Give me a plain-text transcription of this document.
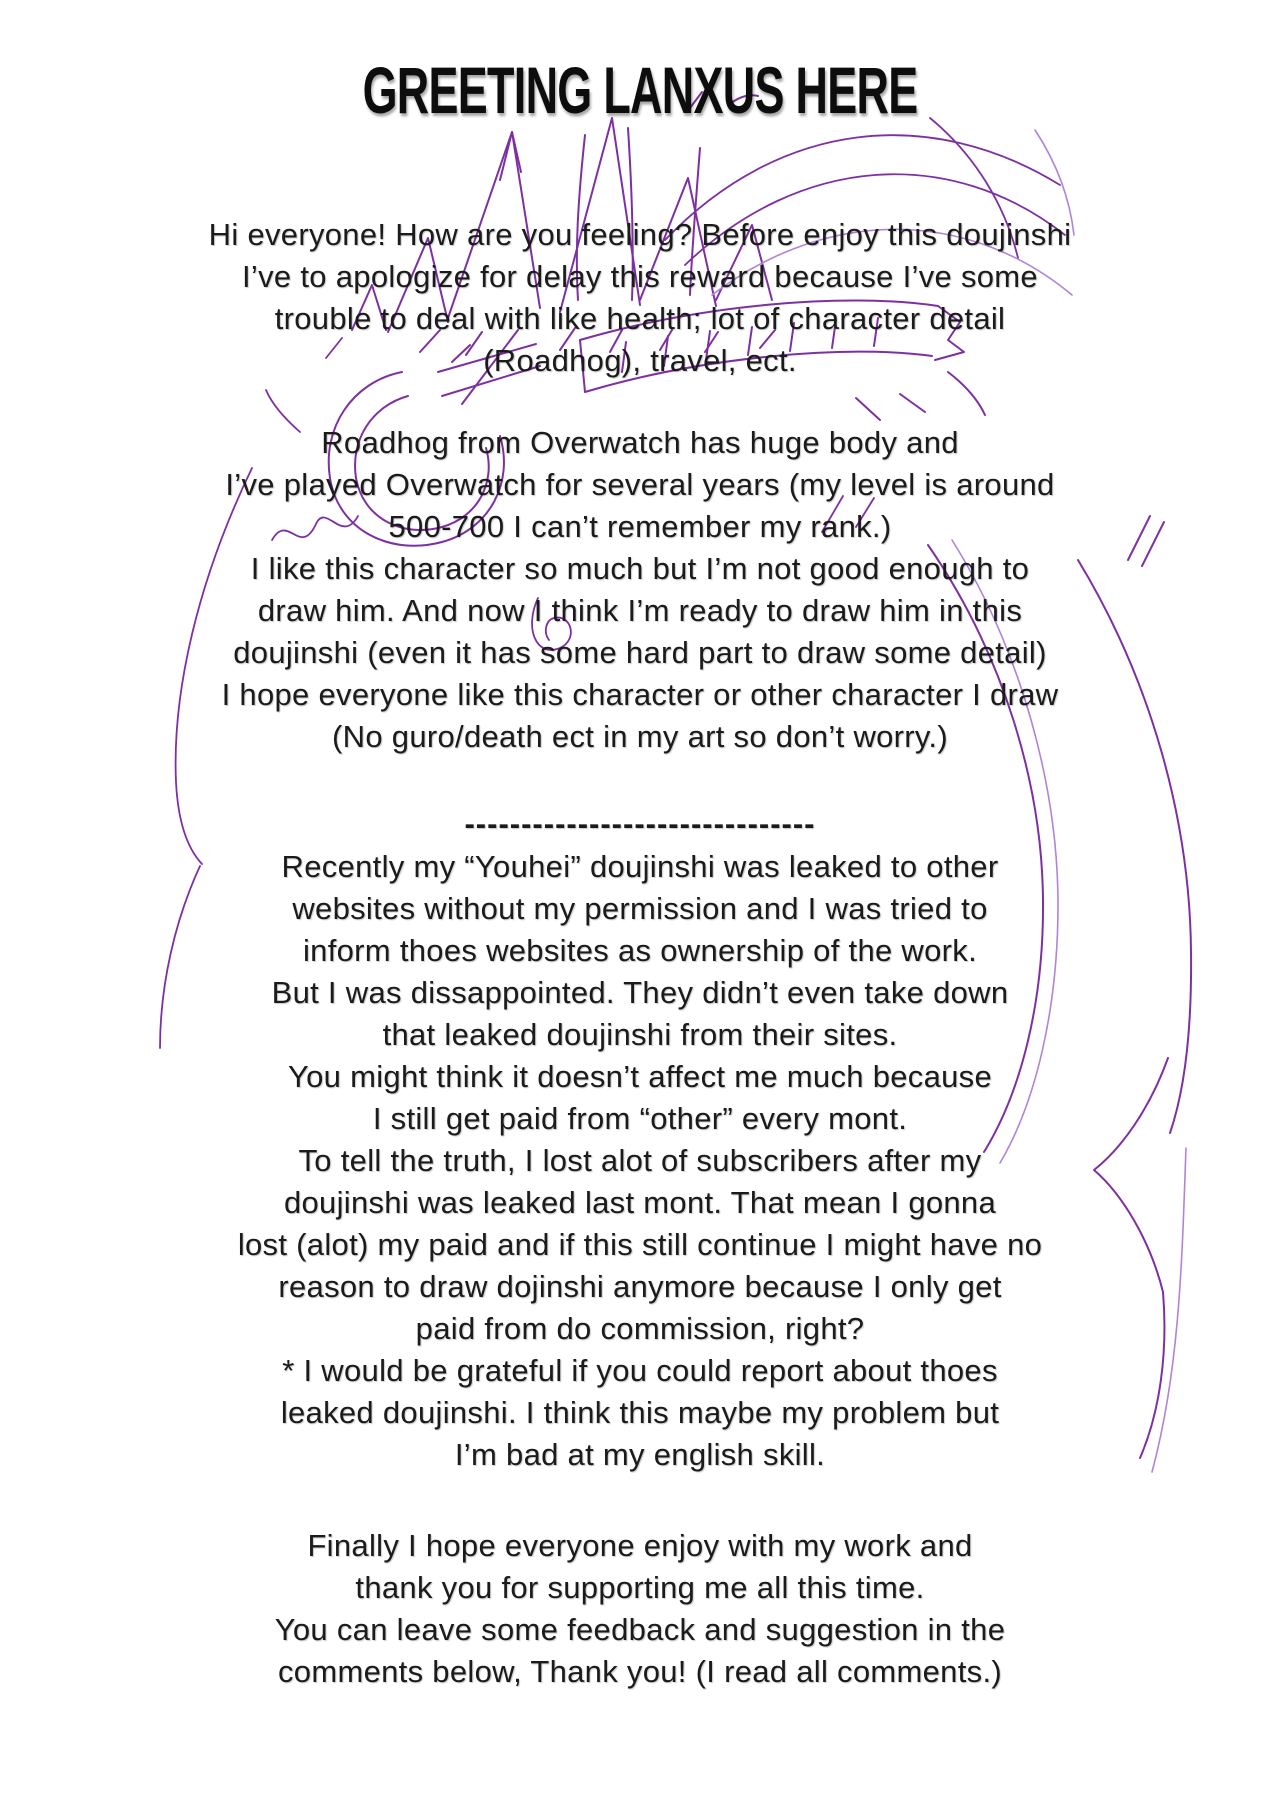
GREETING LANXUS HERE
Hi everyone! How are you feeling? Before enjoy this doujinshi
I’ve to apologize for delay this reward because I’ve some
trouble to deal with like health; lot of character detail
(Roadhog), travel, ect.
Roadhog from Overwatch has huge body and
I’ve played Overwatch for several years (my level is around
500-700 I can’t remember my rank.)
I like this character so much but I’m not good enough to
draw him. And now I think I’m ready to draw him in this
doujinshi (even it has some hard part to draw some detail)
I hope everyone like this character or other character I draw
(No guro/death ect in my art so don’t worry.)
-------------------------------
Recently my “Youhei” doujinshi was leaked to other
websites without my permission and I was tried to
inform thoes websites as ownership of the work.
But I was dissappointed. They didn’t even take down
that leaked doujinshi from their sites.
You might think it doesn’t affect me much because
I still get paid from “other” every mont.
To tell the truth, I lost alot of subscribers after my
doujinshi was leaked last mont. That mean I gonna
lost (alot) my paid and if this still continue I might have no
reason to draw dojinshi anymore because I only get
paid from do commission, right?
* I would be grateful if you could report about thoes
leaked doujinshi. I think this maybe my problem but
I’m bad at my english skill.
Finally I hope everyone enjoy with my work and
thank you for supporting me all this time.
You can leave some feedback and suggestion in the
comments below, Thank you! (I read all comments.)
